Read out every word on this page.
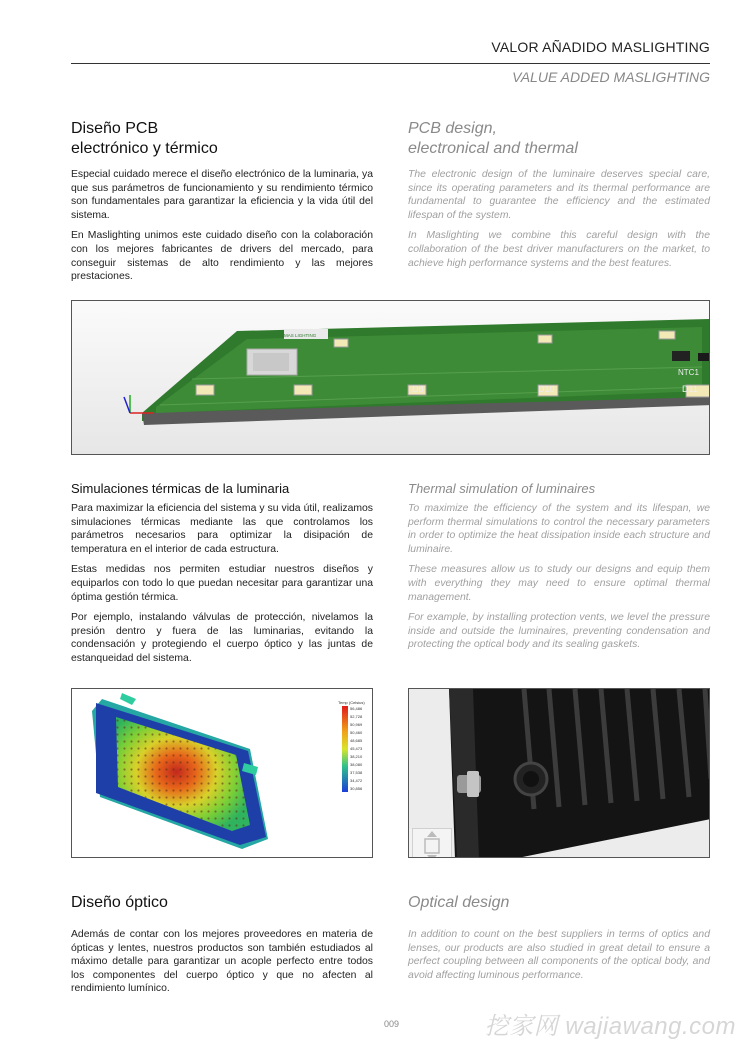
VALOR AÑADIDO MASLIGHTING
VALUE ADDED MASLIGHTING
Diseño PCB
electrónico y térmico
PCB design,
electronical and thermal

Especial cuidado merece el diseño electrónico de la luminaria, ya que sus parámetros de funcionamiento y su rendimiento térmico son fundamentales para garantizar la eficiencia y la vida útil del sistema.

En Maslighting unimos este cuidado diseño con la colaboración con los mejores fabricantes de drivers del mercado, para conseguir sistemas de alto rendimiento y las mejores prestaciones.

The electronic design of the luminaire deserves special care, since its operating parameters and its thermal performance are fundamental to guarantee the efficiency and the estimated lifespan of the system.

In Maslighting we combine this careful design with the collaboration of the best driver manufacturers on the market, to achieve high performance systems and the best features.

D8	D10	D11
NTC1
MAS LIGHTING
Simulaciones térmicas de la luminaria	Thermal simulation of luminaires

Para maximizar la eficiencia del sistema y su vida útil, realizamos simulaciones térmicas mediante las que controlamos los parámetros necesarios para optimizar la disipación de temperatura en el interior de cada estructura.

Estas medidas nos permiten estudiar nuestros diseños y equiparlos con todo lo que puedan necesitar para garantizar una óptima gestión térmica.

Por ejemplo, instalando válvulas de protección, nivelamos la presión dentro y fuera de las luminarias, evitando la condensación y protegiendo el cuerpo óptico y las juntas de estanqueidad del sistema.

To maximize the efficiency of the system and its lifespan, we perform thermal simulations to control the necessary parameters in order to optimize the heat dissipation inside each structure and luminaire.

These measures allow us to study our designs and equip them with everything they may need to ensure optimal thermal management.

For example, by installing protection vents, we level the pressure inside and outside the luminaires, preventing condensation and protecting the optical body and its sealing gaskets.

Temp (Celsius)
56,486
52,728
50,969
50,460
48,685
45,473
38,210
38,080
37,538
34,472
30,856
Diseño óptico	Optical design

Además de contar con los mejores proveedores en materia de ópticas y lentes, nuestros productos son también estudiados al máximo detalle para garantizar un acople perfecto entre todos los componentes del cuerpo óptico y que no afecten al rendimiento lumínico.

In addition to count on the best suppliers in terms of optics and lenses, our products are also studied in great detail to ensure a perfect coupling between all components of the optical body, and avoid affecting luminous performance.

009	挖家网 wajiawang.com
